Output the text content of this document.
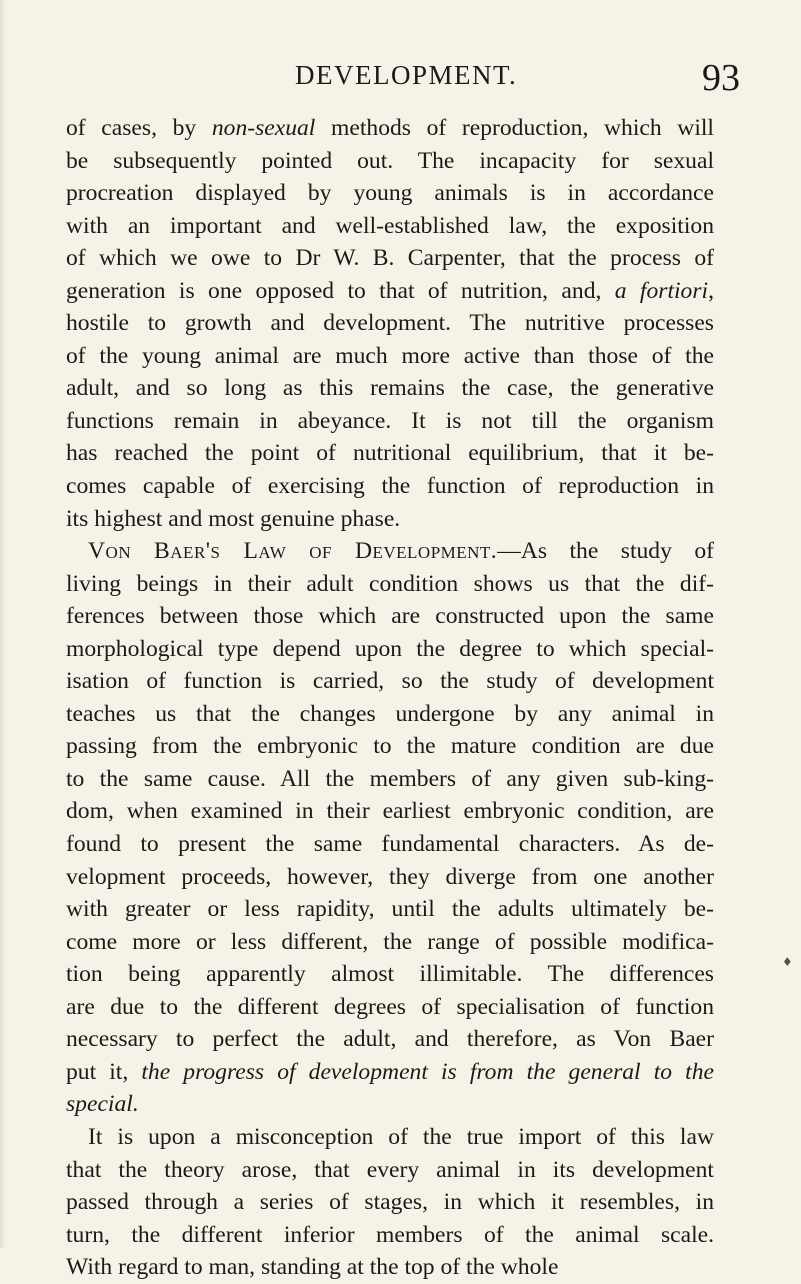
DEVELOPMENT.	93
of cases, by non-sexual methods of reproduction, which will
be subsequently pointed out. The incapacity for sexual
procreation displayed by young animals is in accordance
with an important and well-established law, the exposition
of which we owe to Dr W. B. Carpenter, that the process of
generation is one opposed to that of nutrition, and, a fortiori,
hostile to growth and development. The nutritive processes
of the young animal are much more active than those of the
adult, and so long as this remains the case, the generative
functions remain in abeyance. It is not till the organism
has reached the point of nutritional equilibrium, that it be-
comes capable of exercising the function of reproduction in
its highest and most genuine phase.
Von Baer's Law of Development.—As the study of
living beings in their adult condition shows us that the dif-
ferences between those which are constructed upon the same
morphological type depend upon the degree to which special-
isation of function is carried, so the study of development
teaches us that the changes undergone by any animal in
passing from the embryonic to the mature condition are due
to the same cause. All the members of any given sub-king-
dom, when examined in their earliest embryonic condition, are
found to present the same fundamental characters. As de-
velopment proceeds, however, they diverge from one another
with greater or less rapidity, until the adults ultimately be-
come more or less different, the range of possible modifica-
tion being apparently almost illimitable. The differences
are due to the different degrees of specialisation of function
necessary to perfect the adult, and therefore, as Von Baer
put it, the progress of development is from the general to the
special.
It is upon a misconception of the true import of this law
that the theory arose, that every animal in its development
passed through a series of stages, in which it resembles, in
turn, the different inferior members of the animal scale.
With regard to man, standing at the top of the whole
♦
